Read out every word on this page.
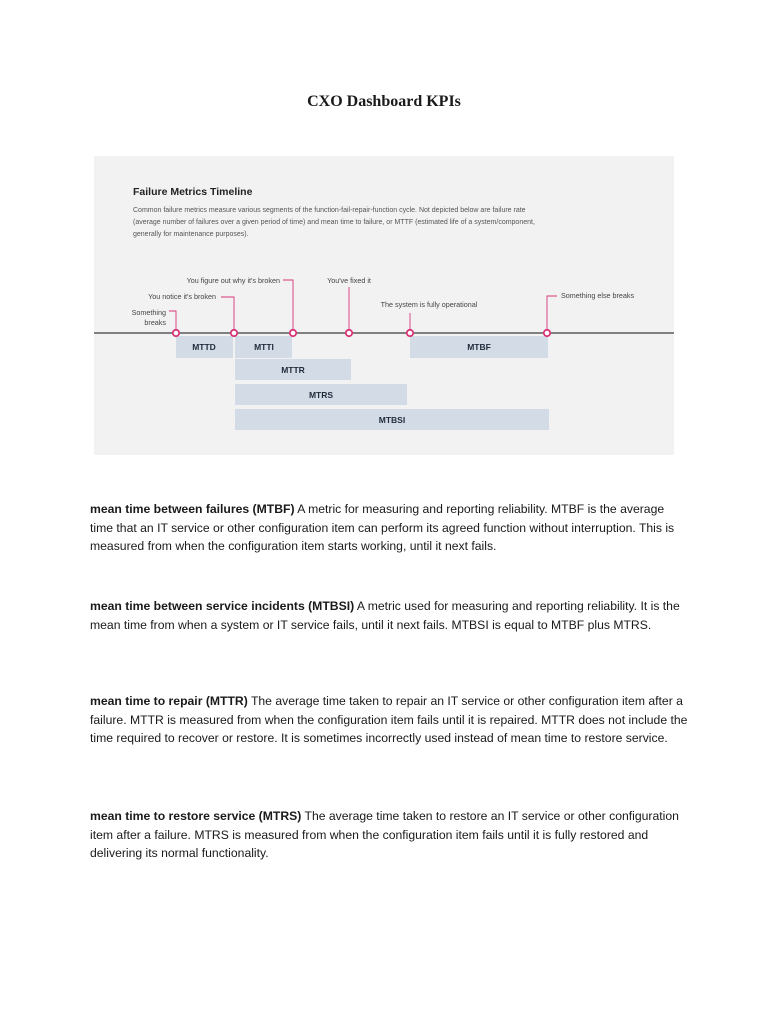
CXO Dashboard KPIs
Failure Metrics Timeline
Common failure metrics measure various segments of the function-fail-repair-function cycle. Not depicted below are failure rate
(average number of failures over a given period of time) and mean time to failure, or MTTF (estimated life of a system/component,
generally for maintenance purposes).
Something
breaks
You notice it's broken
You figure out why it's broken	You've fixed it
The system is fully operational
Something else breaks
MTTD	MTTI	MTBF
MTTR
MTRS
MTBSI

mean time between failures (MTBF) A metric for measuring and reporting reliability. MTBF is the average time that an IT service or other configuration item can perform its agreed function without interruption. This is measured from when the configuration item starts working, until it next fails.

mean time between service incidents (MTBSI) A metric used for measuring and reporting reliability. It is the mean time from when a system or IT service fails, until it next fails. MTBSI is equal to MTBF plus MTRS.

mean time to repair (MTTR) The average time taken to repair an IT service or other configuration item after a failure. MTTR is measured from when the configuration item fails until it is repaired. MTTR does not include the time required to recover or restore. It is sometimes incorrectly used instead of mean time to restore service.

mean time to restore service (MTRS) The average time taken to restore an IT service or other configuration item after a failure. MTRS is measured from when the configuration item fails until it is fully restored and delivering its normal functionality.
